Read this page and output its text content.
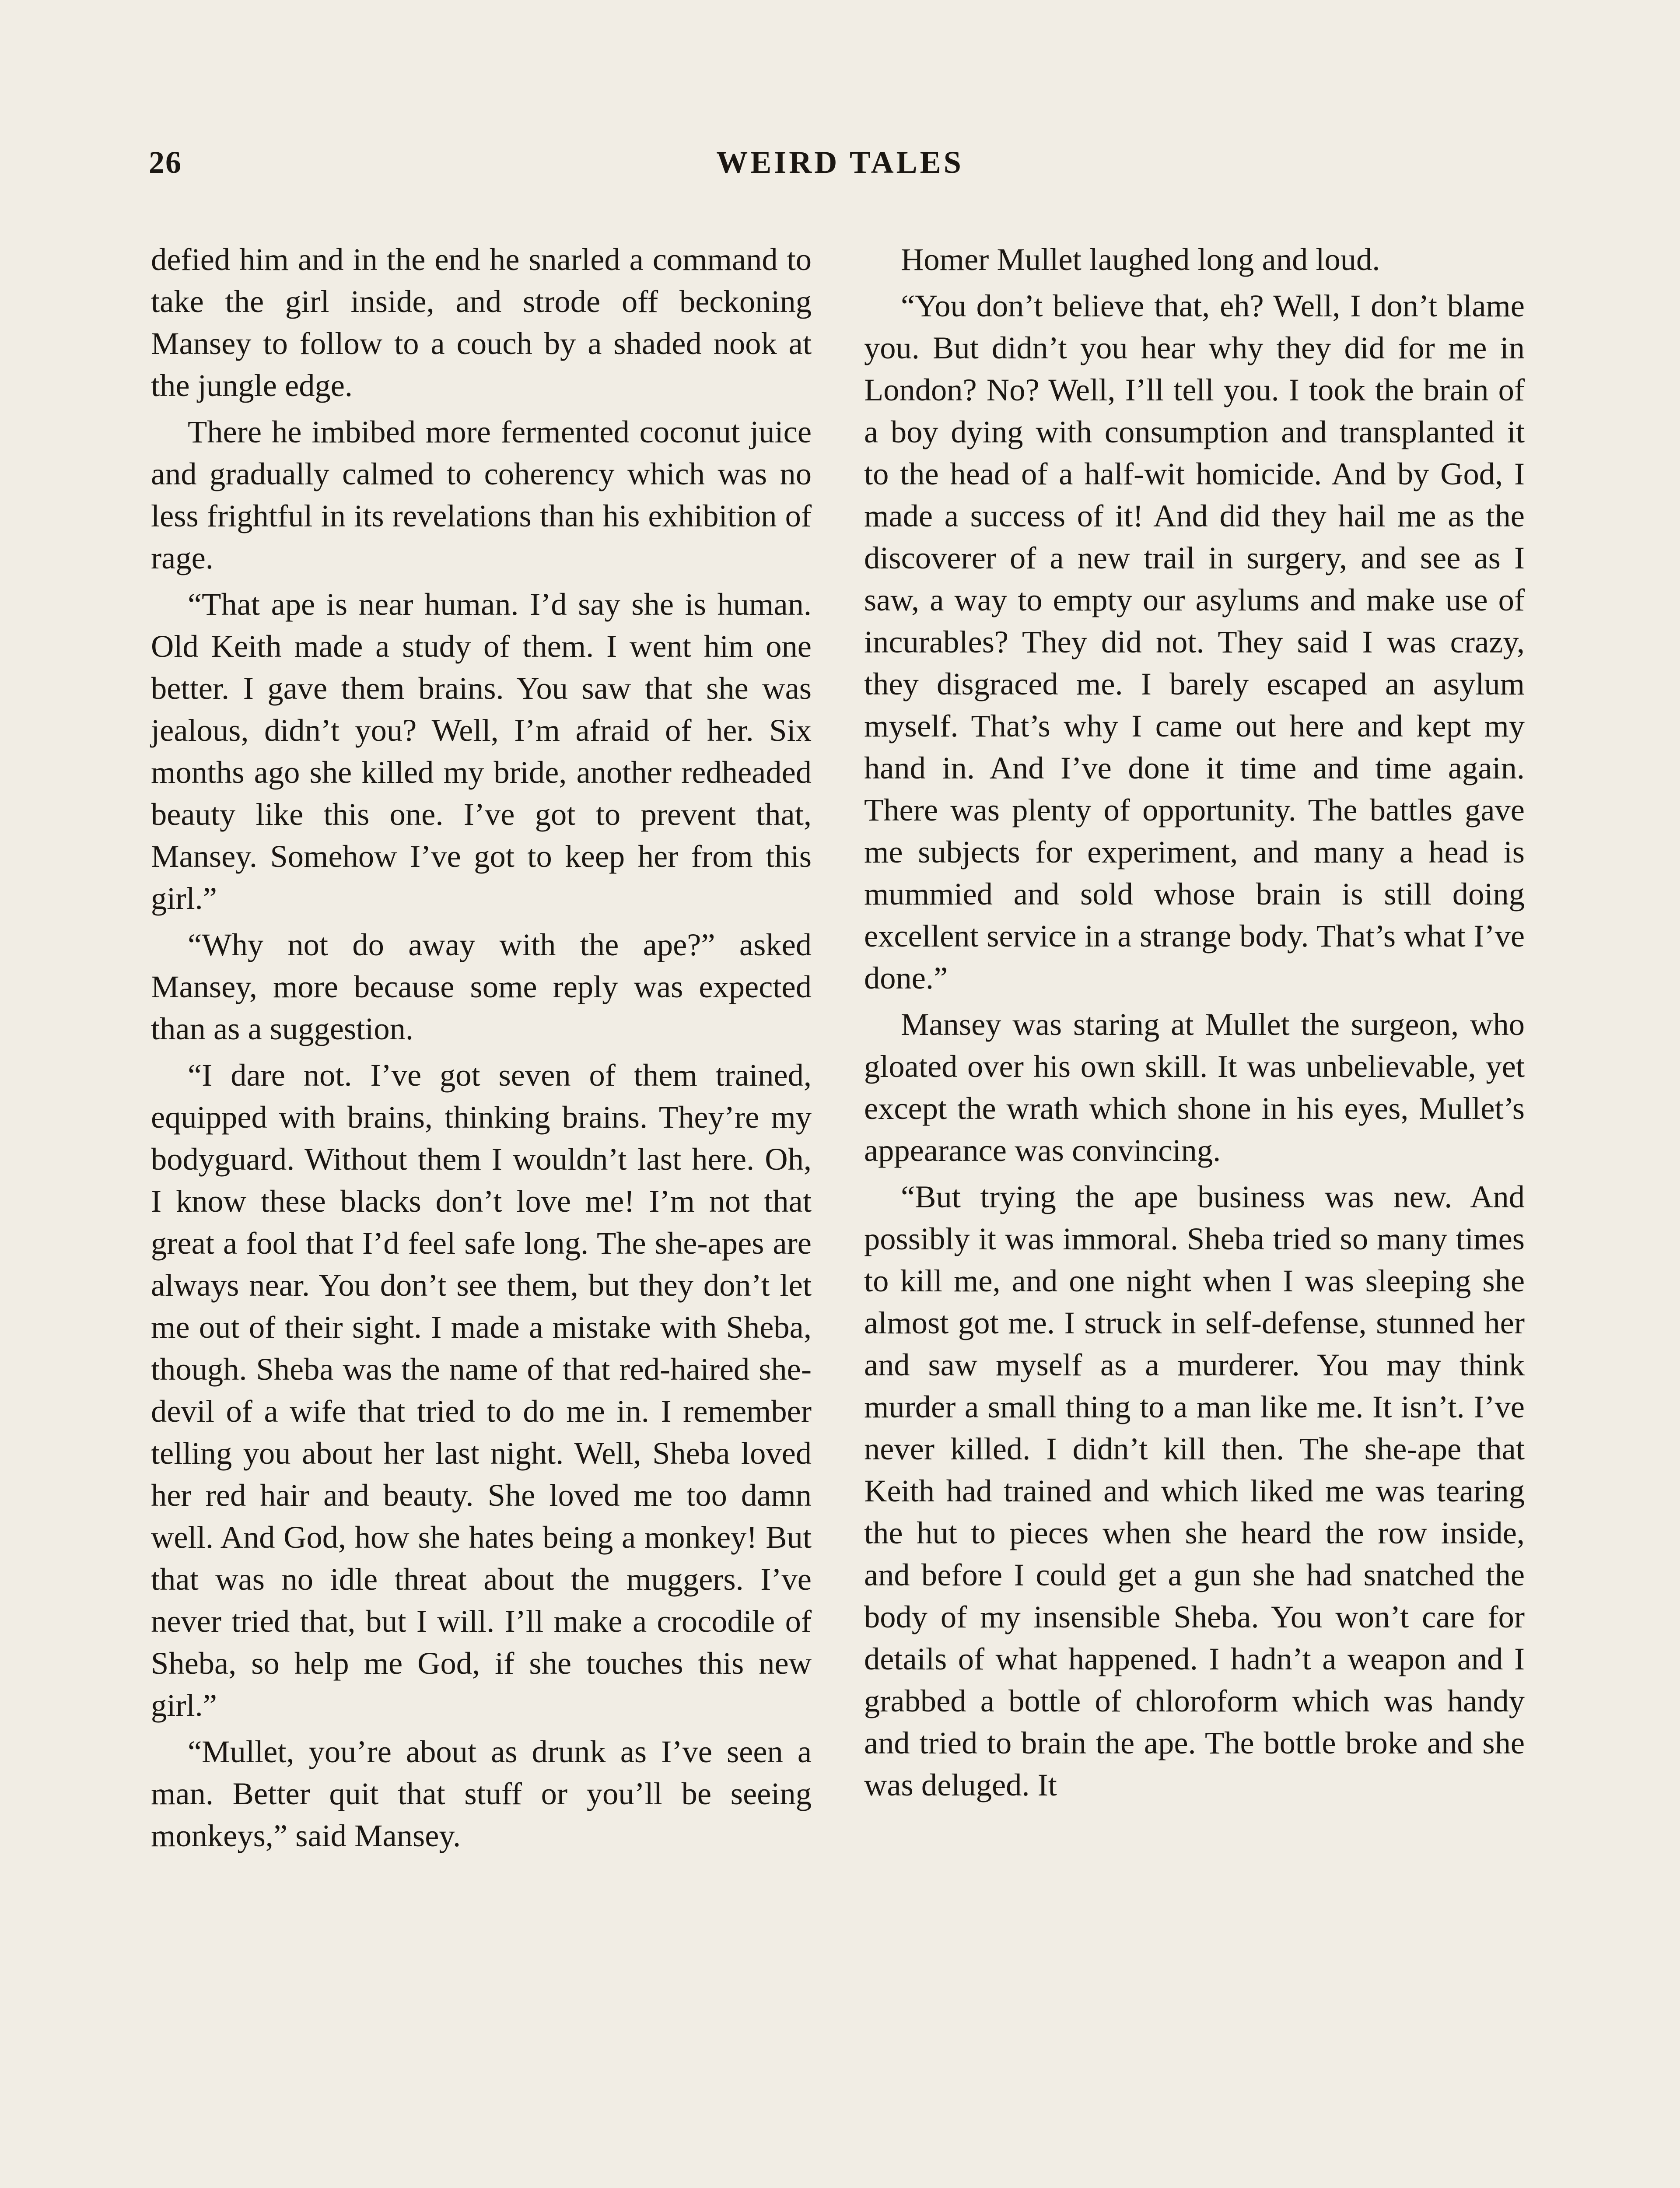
26	WEIRD TALES

defied him and in the end he snarled a command to take the girl inside, and strode off beckoning Mansey to follow to a couch by a shaded nook at the jungle edge.

There he imbibed more fermented coconut juice and gradually calmed to coherency which was no less frightful in its revelations than his exhibition of rage.

“That ape is near human. I’d say she is human. Old Keith made a study of them. I went him one better. I gave them brains. You saw that she was jealous, didn’t you? Well, I’m afraid of her. Six months ago she killed my bride, another redheaded beauty like this one. I’ve got to prevent that, Mansey. Somehow I’ve got to keep her from this girl.”

“Why not do away with the ape?” asked Mansey, more because some reply was expected than as a suggestion.

“I dare not. I’ve got seven of them trained, equipped with brains, thinking brains. They’re my bodyguard. Without them I wouldn’t last here. Oh, I know these blacks don’t love me! I’m not that great a fool that I’d feel safe long. The she-apes are always near. You don’t see them, but they don’t let me out of their sight. I made a mistake with Sheba, though. Sheba was the name of that red-haired she-devil of a wife that tried to do me in. I remember telling you about her last night. Well, Sheba loved her red hair and beauty. She loved me too damn well. And God, how she hates being a monkey! But that was no idle threat about the muggers. I’ve never tried that, but I will. I’ll make a crocodile of Sheba, so help me God, if she touches this new girl.”

“Mullet, you’re about as drunk as I’ve seen a man. Better quit that stuff or you’ll be seeing monkeys,” said Mansey.

Homer Mullet laughed long and loud.

“You don’t believe that, eh? Well, I don’t blame you. But didn’t you hear why they did for me in London? No? Well, I’ll tell you. I took the brain of a boy dying with consumption and transplanted it to the head of a half-wit homicide. And by God, I made a success of it! And did they hail me as the discoverer of a new trail in surgery, and see as I saw, a way to empty our asylums and make use of incurables? They did not. They said I was crazy, they disgraced me. I barely escaped an asylum myself. That’s why I came out here and kept my hand in. And I’ve done it time and time again. There was plenty of opportunity. The battles gave me subjects for experiment, and many a head is mummied and sold whose brain is still doing excellent service in a strange body. That’s what I’ve done.”

Mansey was staring at Mullet the surgeon, who gloated over his own skill. It was unbelievable, yet except the wrath which shone in his eyes, Mullet’s appearance was convincing.

“But trying the ape business was new. And possibly it was immoral. Sheba tried so many times to kill me, and one night when I was sleeping she almost got me. I struck in self-defense, stunned her and saw myself as a murderer. You may think murder a small thing to a man like me. It isn’t. I’ve never killed. I didn’t kill then. The she-ape that Keith had trained and which liked me was tearing the hut to pieces when she heard the row inside, and before I could get a gun she had snatched the body of my insensible Sheba. You won’t care for details of what happened. I hadn’t a weapon and I grabbed a bottle of chloroform which was handy and tried to brain the ape. The bottle broke and she was deluged. It
